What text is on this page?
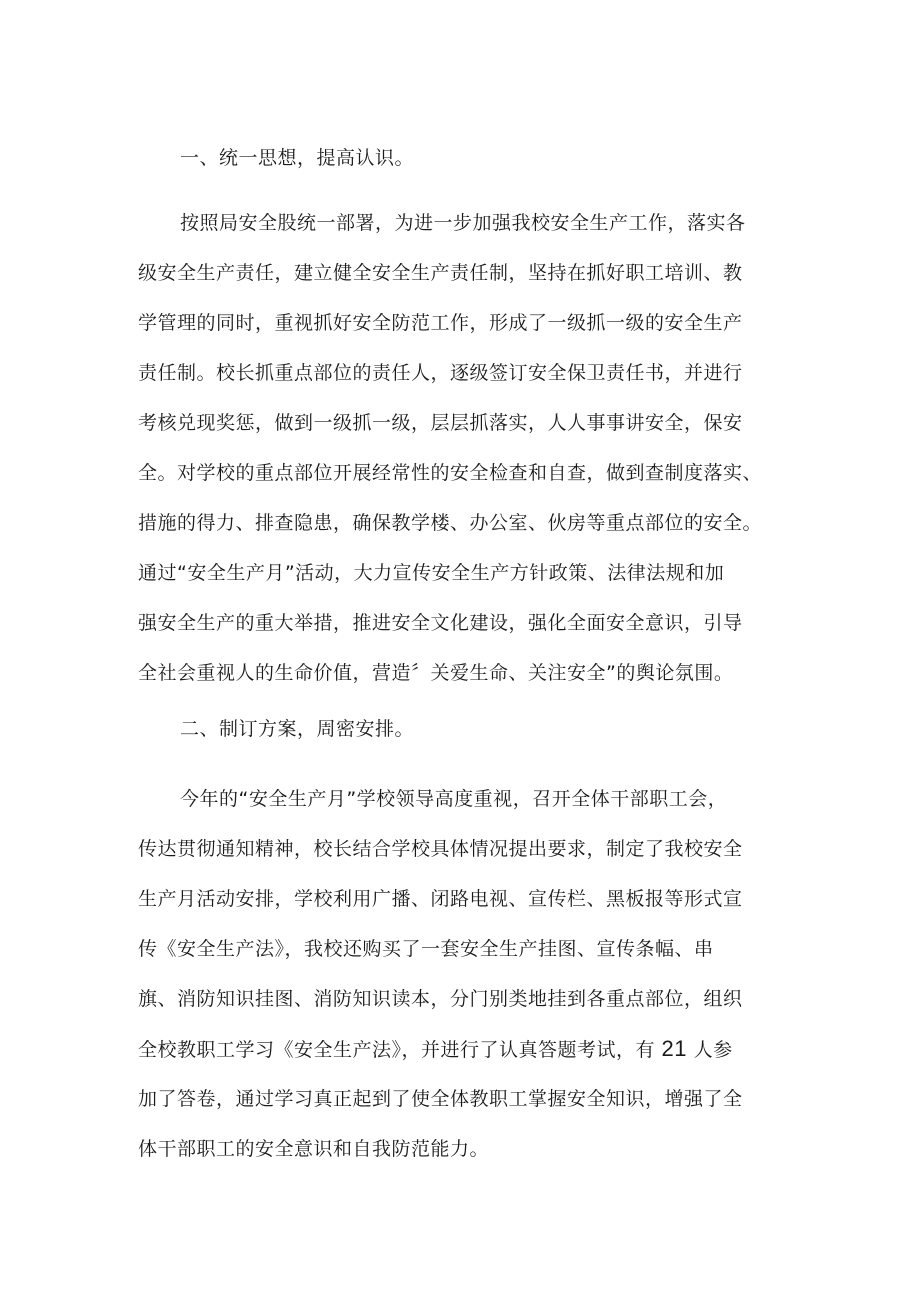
一、统一思想，提高认识。
按照局安全股统一部署，为进一步加强我校安全生产工作，落实各
级安全生产责任，建立健全安全生产责任制，坚持在抓好职工培训、教
学管理的同时，重视抓好安全防范工作，形成了一级抓一级的安全生产
责任制。校长抓重点部位的责任人，逐级签订安全保卫责任书，并进行
考核兑现奖惩，做到一级抓一级，层层抓落实，人人事事讲安全，保安
全。对学校的重点部位开展经常性的安全检查和自查，做到查制度落实、
措施的得力、排查隐患，确保教学楼、办公室、伙房等重点部位的安全。
通过“安全生产月”活动，大力宣传安全生产方针政策、法律法规和加
强安全生产的重大举措，推进安全文化建设，强化全面安全意识，引导
全社会重视人的生命价值，营造〞关爱生命、关注安全”的舆论氛围。
二、制订方案，周密安排。
今年的“安全生产月”学校领导高度重视，召开全体干部职工会，
传达贯彻通知精神，校长结合学校具体情况提出要求，制定了我校安全
生产月活动安排，学校利用广播、闭路电视、宣传栏、黑板报等形式宣
传《安全生产法》，我校还购买了一套安全生产挂图、宣传条幅、串
旗、消防知识挂图、消防知识读本，分门别类地挂到各重点部位，组织
全校教职工学习《安全生产法》，并进行了认真答题考试，有 21 人参
加了答卷，通过学习真正起到了使全体教职工掌握安全知识，增强了全
体干部职工的安全意识和自我防范能力。
